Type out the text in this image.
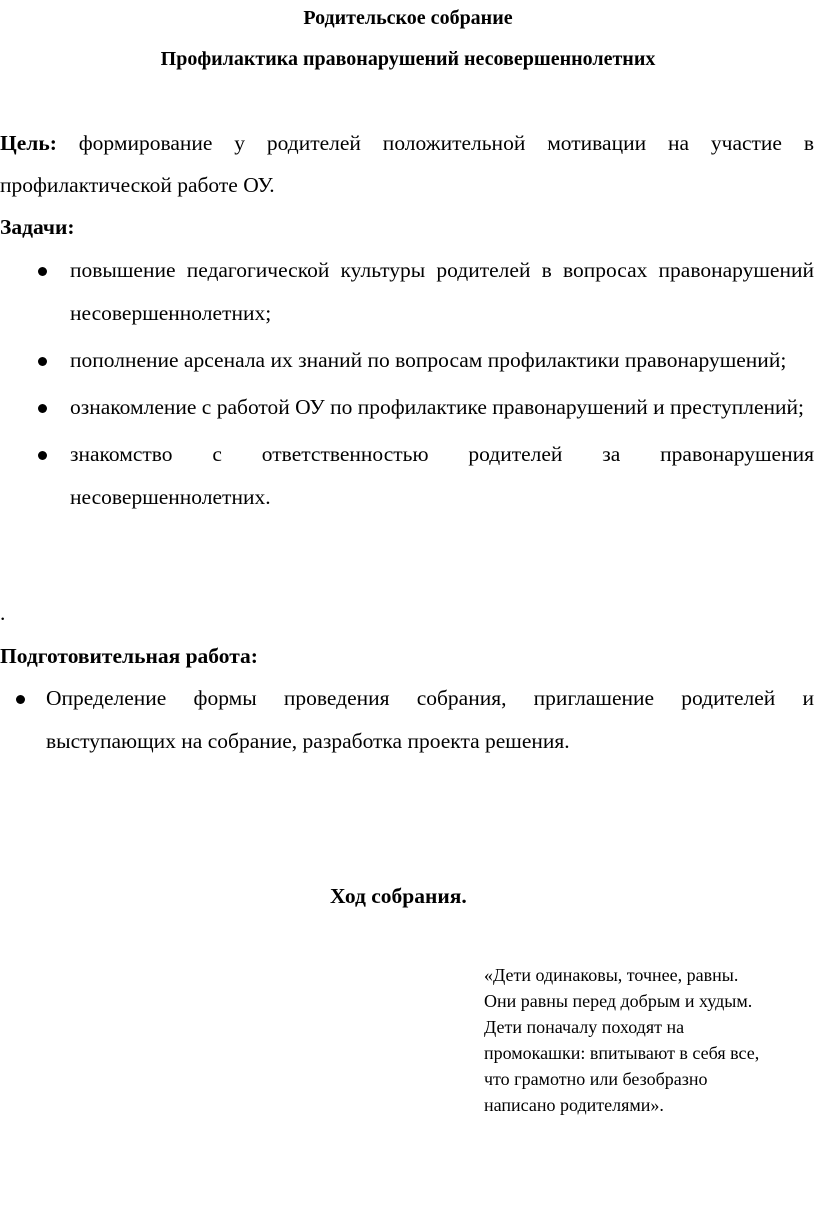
Родительское собрание
Профилактика правонарушений несовершеннолетних
Цель: формирование у родителей положительной мотивации на участие в профилактической работе ОУ.
Задачи:
повышение педагогической культуры родителей в вопросах правонарушений несовершеннолетних;
пополнение арсенала их знаний по вопросам профилактики правонарушений;
ознакомление с работой ОУ по профилактике правонарушений и преступлений;
знакомство с ответственностью родителей за правонарушения несовершеннолетних.
.
Подготовительная работа:
Определение формы проведения собрания, приглашение родителей и выступающих на собрание, разработка проекта решения.
Ход собрания.
«Дети одинаковы, точнее, равны.
Они равны перед добрым и худым.
Дети поначалу походят на
промокашки: впитывают в себя все,
что грамотно или безобразно
написано родителями».
